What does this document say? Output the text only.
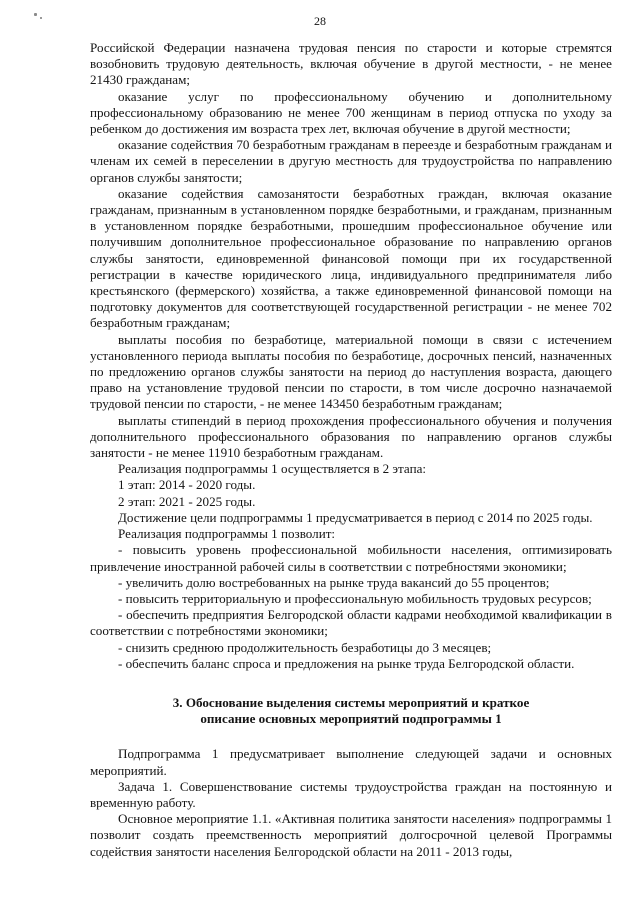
28

Российской Федерации назначена трудовая пенсия по старости и которые стремятся возобновить трудовую деятельность, включая обучение в другой местности, - не менее 21430 гражданам;

оказание услуг по профессиональному обучению и дополнительному профессиональному образованию не менее 700 женщинам в период отпуска по уходу за ребенком до достижения им возраста трех лет, включая обучение в другой местности;

оказание содействия 70 безработным гражданам в переезде и безработным гражданам и членам их семей в переселении в другую местность для трудоустройства по направлению органов службы занятости;

оказание содействия самозанятости безработных граждан, включая оказание гражданам, признанным в установленном порядке безработными, и гражданам, признанным в установленном порядке безработными, прошедшим профессиональное обучение или получившим дополнительное профессиональное образование по направлению органов службы занятости, единовременной финансовой помощи при их государственной регистрации в качестве юридического лица, индивидуального предпринимателя либо крестьянского (фермерского) хозяйства, а также единовременной финансовой помощи на подготовку документов для соответствующей государственной регистрации - не менее 702 безработным гражданам;

выплаты пособия по безработице, материальной помощи в связи с истечением установленного периода выплаты пособия по безработице, досрочных пенсий, назначенных по предложению органов службы занятости на период до наступления возраста, дающего право на установление трудовой пенсии по старости, в том числе досрочно назначаемой трудовой пенсии по старости, - не менее 143450 безработным гражданам;

выплаты стипендий в период прохождения профессионального обучения и получения дополнительного профессионального образования по направлению органов службы занятости - не менее 11910 безработным гражданам.

Реализация подпрограммы 1 осуществляется в 2 этапа:

1 этап: 2014 - 2020 годы.

2 этап: 2021 - 2025 годы.

Достижение цели подпрограммы 1 предусматривается в период с 2014 по 2025 годы.

Реализация подпрограммы 1 позволит:

- повысить уровень профессиональной мобильности населения, оптимизировать привлечение иностранной рабочей силы в соответствии с потребностями экономики;

- увеличить долю востребованных на рынке труда вакансий до 55 процентов;

- повысить территориальную и профессиональную мобильность трудовых ресурсов;

- обеспечить предприятия Белгородской области кадрами необходимой квалификации в соответствии с потребностями экономики;

- снизить среднюю продолжительность безработицы до 3 месяцев;

- обеспечить баланс спроса и предложения на рынке труда Белгородской области.

3. Обоснование выделения системы мероприятий и краткое
описание основных мероприятий подпрограммы 1

Подпрограмма 1 предусматривает выполнение следующей задачи и основных мероприятий.

Задача 1. Совершенствование системы трудоустройства граждан на постоянную и временную работу.

Основное мероприятие 1.1. «Активная политика занятости населения» подпрограммы 1 позволит создать преемственность мероприятий долгосрочной целевой Программы содействия занятости населения Белгородской области на 2011 - 2013 годы,
